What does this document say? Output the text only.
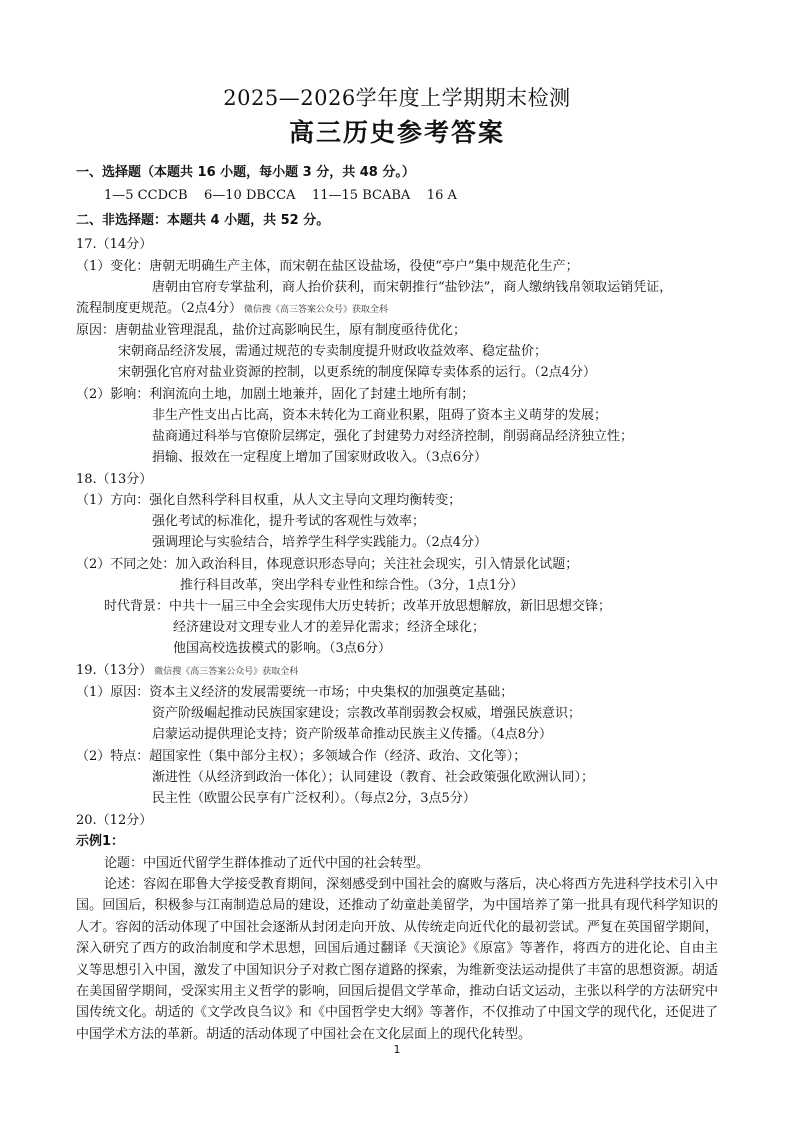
2025—2026学年度上学期期末检测
高三历史参考答案
一、选择题（本题共 16 小题，每小题 3 分，共 48 分。）
1—5 CCDCB    6—10 DBCCA    11—15 BCABA    16 A
二、非选择题：本题共 4 小题，共 52 分。
17.（14分）
（1）变化：唐朝无明确生产主体，而宋朝在盐区设盐场，役使“亭户”集中规范化生产；
唐朝由官府专掌盐利，商人抬价获利，而宋朝推行“盐钞法”，商人缴纳钱帛领取运销凭证，
流程制度更规范。（2点4分） 微信搜《高三答案公众号》获取全科
原因：唐朝盐业管理混乱，盐价过高影响民生，原有制度亟待优化；
宋朝商品经济发展，需通过规范的专卖制度提升财政收益效率、稳定盐价；
宋朝强化官府对盐业资源的控制，以更系统的制度保障专卖体系的运行。（2点4分）
（2）影响：利润流向土地，加剧土地兼并，固化了封建土地所有制；
非生产性支出占比高，资本未转化为工商业积累，阻碍了资本主义萌芽的发展；
盐商通过科举与官僚阶层绑定，强化了封建势力对经济控制，削弱商品经济独立性；
捐输、报效在一定程度上增加了国家财政收入。（3点6分）
18.（13分）
（1）方向：强化自然科学科目权重，从人文主导向文理均衡转变；
强化考试的标准化，提升考试的客观性与效率；
强调理论与实验结合，培养学生科学实践能力。（2点4分）
（2）不同之处：加入政治科目，体现意识形态导向；关注社会现实，引入情景化试题；
推行科目改革，突出学科专业性和综合性。（3分，1点1分）
时代背景：中共十一届三中全会实现伟大历史转折；改革开放思想解放，新旧思想交锋；
经济建设对文理专业人才的差异化需求；经济全球化；
他国高校选拔模式的影响。（3点6分）
19.（13分） 微信搜《高三答案公众号》获取全科
（1）原因：资本主义经济的发展需要统一市场；中央集权的加强奠定基础；
资产阶级崛起推动民族国家建设；宗教改革削弱教会权威，增强民族意识；
启蒙运动提供理论支持；资产阶级革命推动民族主义传播。（4点8分）
（2）特点：超国家性（集中部分主权）；多领域合作（经济、政治、文化等）；
渐进性（从经济到政治一体化）；认同建设（教育、社会政策强化欧洲认同）；
民主性（欧盟公民享有广泛权利）。（每点2分，3点5分）
20.（12分）
示例1：
论题：中国近代留学生群体推动了近代中国的社会转型。
论述：容闳在耶鲁大学接受教育期间，深刻感受到中国社会的腐败与落后，决心将西方先进科学技术引入中国。回国后，积极参与江南制造总局的建设，还推动了幼童赴美留学，为中国培养了第一批具有现代科学知识的人才。容闳的活动体现了中国社会逐渐从封闭走向开放、从传统走向近代化的最初尝试。严复在英国留学期间，深入研究了西方的政治制度和学术思想，回国后通过翻译《天演论》《原富》等著作，将西方的进化论、自由主义等思想引入中国，激发了中国知识分子对救亡图存道路的探索，为维新变法运动提供了丰富的思想资源。胡适在美国留学期间，受深实用主义哲学的影响，回国后提倡文学革命，推动白话文运动，主张以科学的方法研究中国传统文化。胡适的《文学改良刍议》和《中国哲学史大纲》等著作，不仅推动了中国文学的现代化，还促进了中国学术方法的革新。胡适的活动体现了中国社会在文化层面上的现代化转型。
1
